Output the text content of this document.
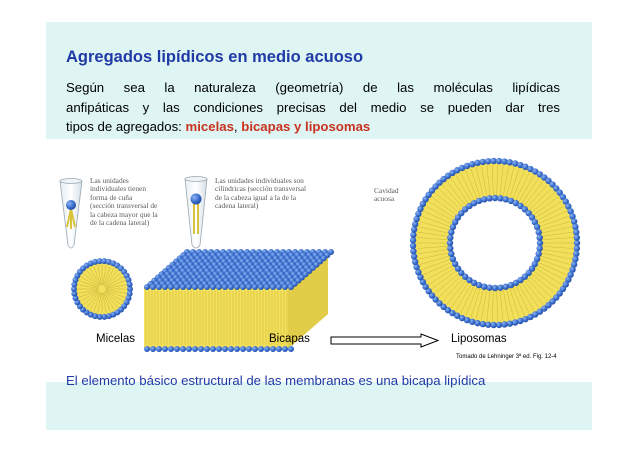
Agregados lipídicos en medio acuoso
Según sea la naturaleza (geometría) de las moléculas lipídicas
anfipáticas y las condiciones precisas del medio se pueden dar tres
tipos de agregados: micelas, bicapas y liposomas
Las unidades
individuales tienen
forma de cuña
(sección transversal de
la cabeza mayor que la
de la cadena lateral)
Las unidades individuales son
cilíndricas (sección transversal
de la cabeza igual a la de la
cadena lateral)
Cavidad
acuosa
Micelas	Bicapas	Liposomas
Tomado de Lehninger 3ª ed. Fig. 12-4
El elemento básico estructural de las membranas es una bicapa lipídica
